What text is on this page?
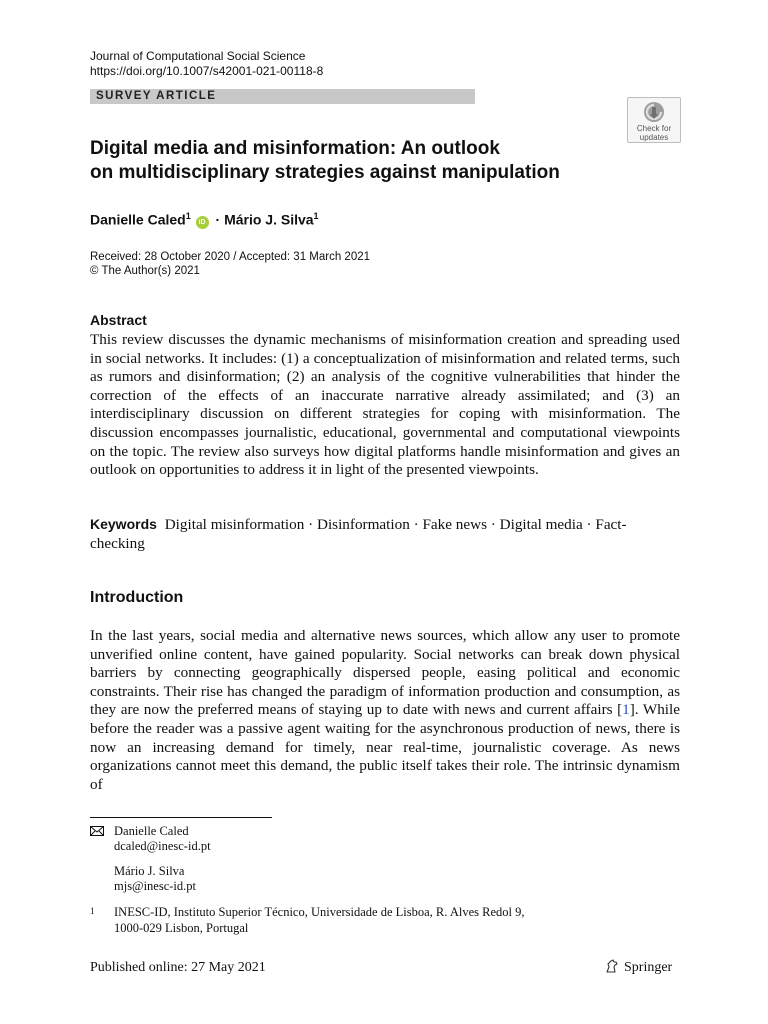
Journal of Computational Social Science
https://doi.org/10.1007/s42001-021-00118-8
SURVEY ARTICLE
Check for
updates
Digital media and misinformation: An outlook
on multidisciplinary strategies against manipulation
Danielle Caled$^1$ iD · Mário J. Silva$^1$
Received: 28 October 2020 / Accepted: 31 March 2021
© The Author(s) 2021
Abstract
This review discusses the dynamic mechanisms of misinformation creation and spreading used in social networks. It includes: (1) a conceptualization of misinformation and related terms, such as rumors and disinformation; (2) an analysis of the cognitive vulnerabilities that hinder the correction of the effects of an inaccurate narrative already assimilated; and (3) an interdisciplinary discussion on different strategies for coping with misinformation. The discussion encompasses journalistic, educational, governmental and computational viewpoints on the topic. The review also surveys how digital platforms handle misinformation and gives an outlook on opportunities to address it in light of the presented viewpoints.
Keywords Digital misinformation · Disinformation · Fake news · Digital media · Fact-checking
Introduction
In the last years, social media and alternative news sources, which allow any user to promote unverified online content, have gained popularity. Social networks can break down physical barriers by connecting geographically dispersed people, easing political and economic constraints. Their rise has changed the paradigm of information production and consumption, as they are now the preferred means of staying up to date with news and current affairs [1]. While before the reader was a passive agent waiting for the asynchronous production of news, there is now an increasing demand for timely, near real-time, journalistic coverage. As news organizations cannot meet this demand, the public itself takes their role. The intrinsic dynamism of
Danielle Caled
dcaled@inesc-id.pt
Mário J. Silva
mjs@inesc-id.pt
1 INESC-ID, Instituto Superior Técnico, Universidade de Lisboa, R. Alves Redol 9,
1000-029 Lisbon, Portugal
Published online: 27 May 2021	Springer
